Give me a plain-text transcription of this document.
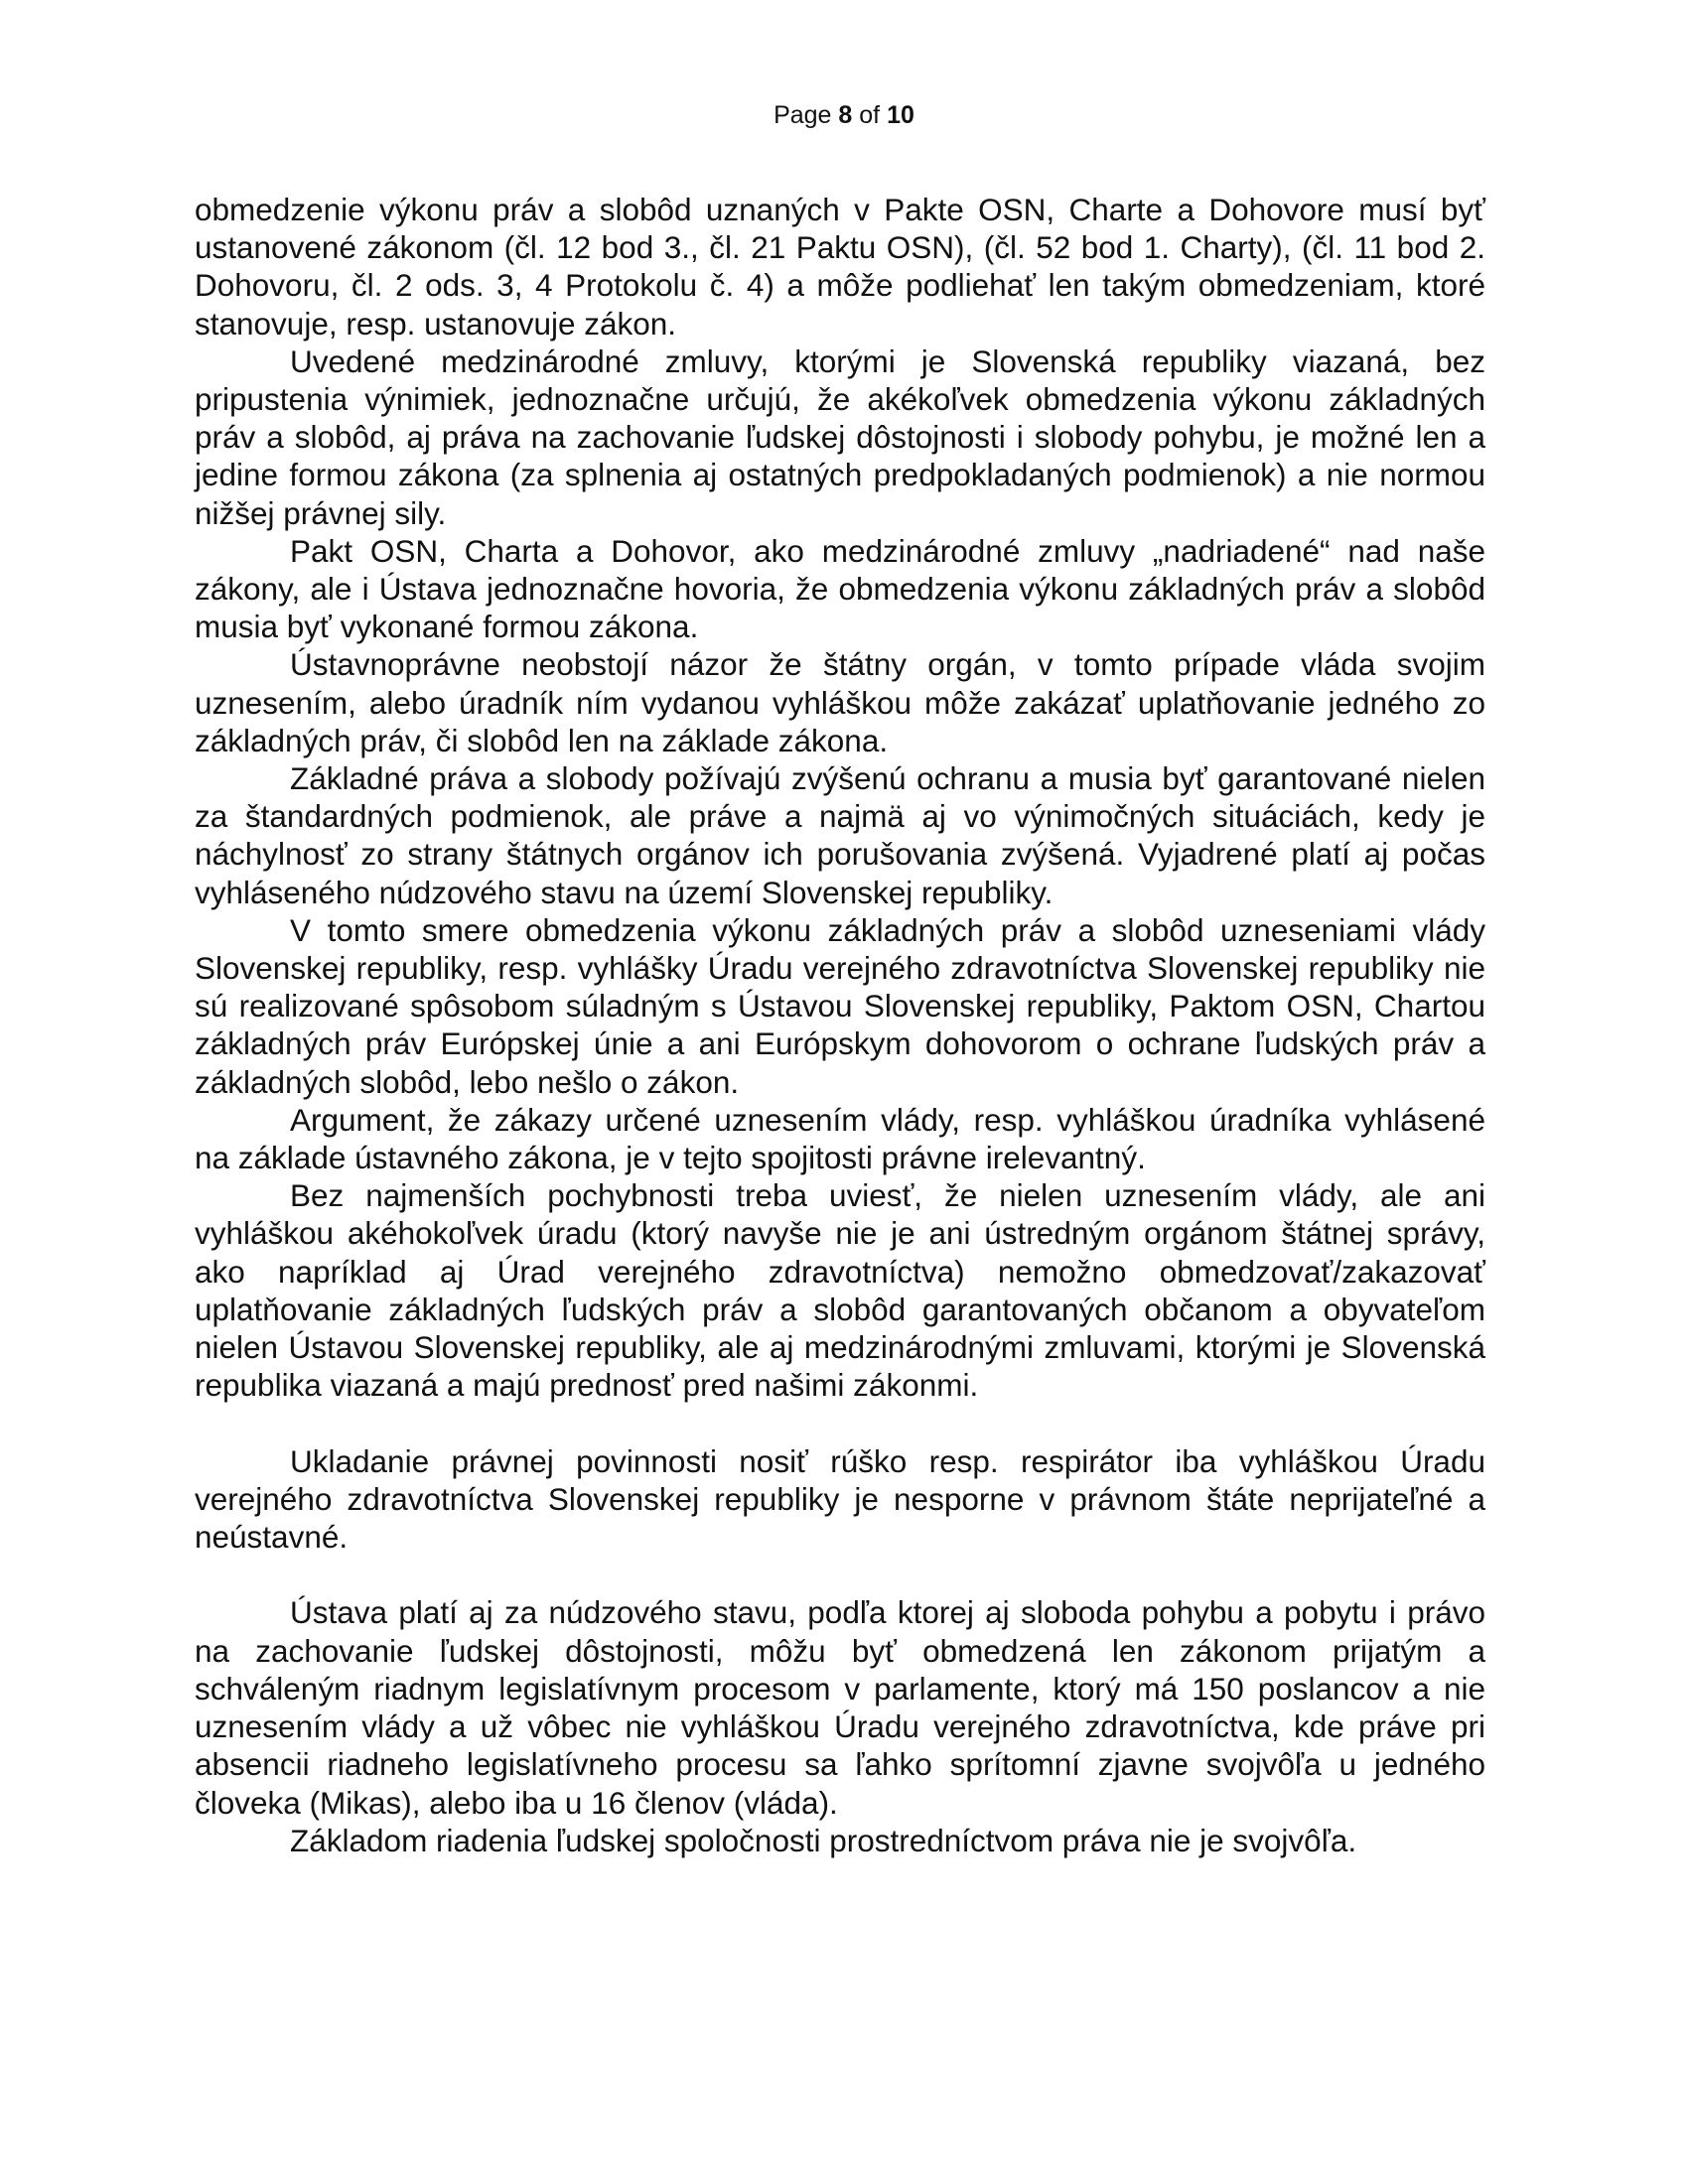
Page 8 of 10

obmedzenie výkonu práv a slobôd uznaných v Pakte OSN, Charte a Dohovore musí byť ustanovené zákonom (čl. 12 bod 3., čl. 21 Paktu OSN), (čl. 52 bod 1. Charty), (čl. 11 bod 2. Dohovoru, čl. 2 ods. 3, 4 Protokolu č. 4) a môže podliehať len takým obmedzeniam, ktoré stanovuje, resp. ustanovuje zákon.

Uvedené medzinárodné zmluvy, ktorými je Slovenská republiky viazaná, bez pripustenia výnimiek, jednoznačne určujú, že akékoľvek obmedzenia výkonu základných práv a slobôd, aj práva na zachovanie ľudskej dôstojnosti i slobody pohybu, je možné len a jedine formou zákona (za splnenia aj ostatných predpokladaných podmienok) a nie normou nižšej právnej sily.

Pakt OSN, Charta a Dohovor, ako medzinárodné zmluvy „nadriadené“ nad naše zákony, ale i Ústava jednoznačne hovoria, že obmedzenia výkonu základných práv a slobôd musia byť vykonané formou zákona.

Ústavnoprávne neobstojí názor že štátny orgán, v tomto prípade vláda svojim uznesením, alebo úradník ním vydanou vyhláškou môže zakázať uplatňovanie jedného zo základných práv, či slobôd len na základe zákona.

Základné práva a slobody požívajú zvýšenú ochranu a musia byť garantované nielen za štandardných podmienok, ale práve a najmä aj vo výnimočných situáciách, kedy je náchylnosť zo strany štátnych orgánov ich porušovania zvýšená. Vyjadrené platí aj počas vyhláseného núdzového stavu na území Slovenskej republiky.

V tomto smere obmedzenia výkonu základných práv a slobôd uzneseniami vlády Slovenskej republiky, resp. vyhlášky Úradu verejného zdravotníctva Slovenskej republiky nie sú realizované spôsobom súladným s Ústavou Slovenskej republiky, Paktom OSN, Chartou základných práv Európskej únie a ani Európskym dohovorom o ochrane ľudských práv a základných slobôd, lebo nešlo o zákon.

Argument, že zákazy určené uznesením vlády, resp. vyhláškou úradníka vyhlásené na základe ústavného zákona, je v tejto spojitosti právne irelevantný.

Bez najmenších pochybnosti treba uviesť, že nielen uznesením vlády, ale ani vyhláškou akéhokoľvek úradu (ktorý navyše nie je ani ústredným orgánom štátnej správy, ako napríklad aj Úrad verejného zdravotníctva) nemožno obmedzovať/zakazovať uplatňovanie základných ľudských práv a slobôd garantovaných občanom a obyvateľom nielen Ústavou Slovenskej republiky, ale aj medzinárodnými zmluvami, ktorými je Slovenská republika viazaná a majú prednosť pred našimi zákonmi.

Ukladanie právnej povinnosti nosiť rúško resp. respirátor iba vyhláškou Úradu verejného zdravotníctva Slovenskej republiky je nesporne v právnom štáte neprijateľné a neústavné.

Ústava platí aj za núdzového stavu, podľa ktorej aj sloboda pohybu a pobytu i právo na zachovanie ľudskej dôstojnosti, môžu byť obmedzená len zákonom prijatým a schváleným riadnym legislatívnym procesom v parlamente, ktorý má 150 poslancov a nie uznesením vlády a už vôbec nie vyhláškou Úradu verejného zdravotníctva, kde práve pri absencii riadneho legislatívneho procesu sa ľahko sprítomní zjavne svojvôľa u jedného človeka (Mikas), alebo iba u 16 členov (vláda).

Základom riadenia ľudskej spoločnosti prostredníctvom práva nie je svojvôľa.
